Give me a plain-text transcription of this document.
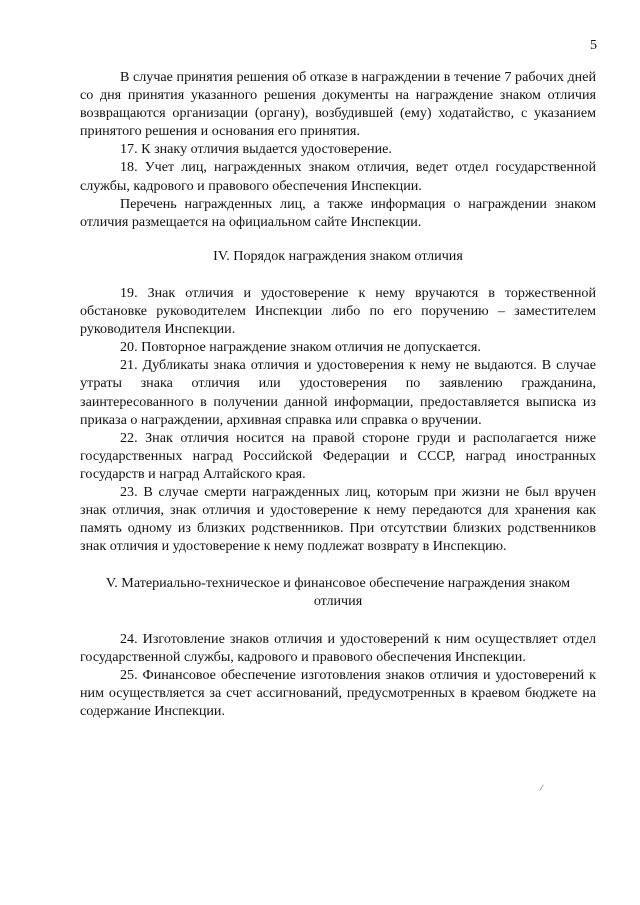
5

В случае принятия решения об отказе в награждении в течение 7 рабочих дней со дня принятия указанного решения документы на награждение знаком отличия возвращаются организации (органу), возбудившей (ему) ходатайство, с указанием принятого решения и основания его принятия.

17. К знаку отличия выдается удостоверение.

18. Учет лиц, награжденных знаком отличия, ведет отдел государственной службы, кадрового и правового обеспечения Инспекции.

Перечень награжденных лиц, а также информация о награждении знаком отличия размещается на официальном сайте Инспекции.

IV. Порядок награждения знаком отличия

19. Знак отличия и удостоверение к нему вручаются в торжественной обстановке руководителем Инспекции либо по его поручению – заместителем руководителя Инспекции.

20. Повторное награждение знаком отличия не допускается.

21. Дубликаты знака отличия и удостоверения к нему не выдаются. В случае утраты знака отличия или удостоверения по заявлению гражданина, заинтересованного в получении данной информации, предоставляется выписка из приказа о награждении, архивная справка или справка о вручении.

22. Знак отличия носится на правой стороне груди и располагается ниже государственных наград Российской Федерации и СССР, наград иностранных государств и наград Алтайского края.

23. В случае смерти награжденных лиц, которым при жизни не был вручен знак отличия, знак отличия и удостоверение к нему передаются для хранения как память одному из близких родственников. При отсутствии близких родственников знак отличия и удостоверение к нему подлежат возврату в Инспекцию.

V. Материально-техническое и финансовое обеспечение награждения знаком отличия

24. Изготовление знаков отличия и удостоверений к ним осуществляет отдел государственной службы, кадрового и правового обеспечения Инспекции.

25. Финансовое обеспечение изготовления знаков отличия и удостоверений к ним осуществляется за счет ассигнований, предусмотренных в краевом бюджете на содержание Инспекции.

/
